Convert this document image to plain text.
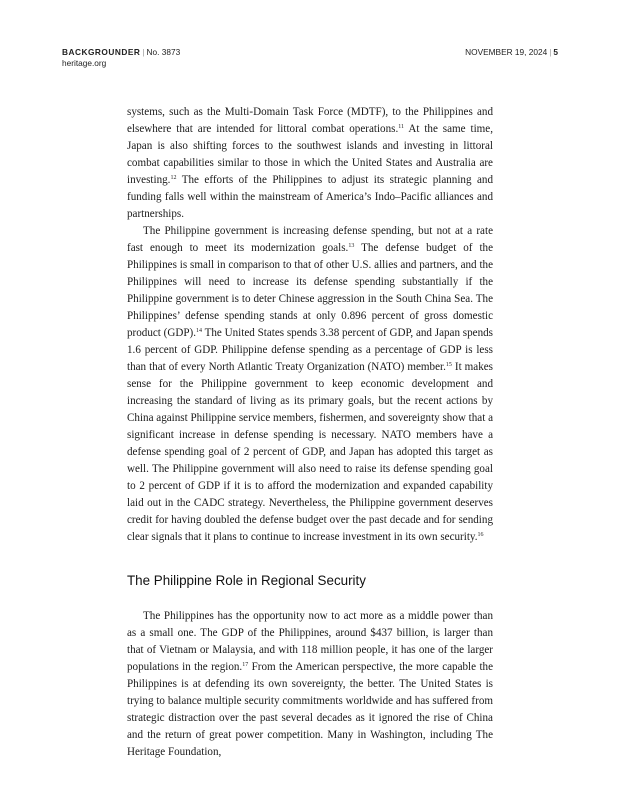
BACKGROUNDER | No. 3873
heritage.org
NOVEMBER 19, 2024 | 5

systems, such as the Multi-Domain Task Force (MDTF), to the Philippines and elsewhere that are intended for littoral combat operations.$^{11}$ At the same time, Japan is also shifting forces to the southwest islands and investing in littoral combat capabilities similar to those in which the United States and Australia are investing.$^{12}$ The efforts of the Philippines to adjust its strategic planning and funding falls well within the mainstream of America’s Indo–Pacific alliances and partnerships.

The Philippine government is increasing defense spending, but not at a rate fast enough to meet its modernization goals.$^{13}$ The defense budget of the Philippines is small in comparison to that of other U.S. allies and partners, and the Philippines will need to increase its defense spending substantially if the Philippine government is to deter Chinese aggression in the South China Sea. The Philippines’ defense spending stands at only 0.896 percent of gross domestic product (GDP).$^{14}$ The United States spends 3.38 percent of GDP, and Japan spends 1.6 percent of GDP. Philippine defense spending as a percentage of GDP is less than that of every North Atlantic Treaty Organization (NATO) member.$^{15}$ It makes sense for the Philippine government to keep economic development and increasing the standard of living as its primary goals, but the recent actions by China against Philippine service members, fishermen, and sovereignty show that a significant increase in defense spending is necessary. NATO members have a defense spending goal of 2 percent of GDP, and Japan has adopted this target as well. The Philippine government will also need to raise its defense spending goal to 2 percent of GDP if it is to afford the modernization and expanded capability laid out in the CADC strategy. Nevertheless, the Philippine government deserves credit for having doubled the defense budget over the past decade and for sending clear signals that it plans to continue to increase investment in its own security.$^{16}$

The Philippine Role in Regional Security

The Philippines has the opportunity now to act more as a middle power than as a small one. The GDP of the Philippines, around $437 billion, is larger than that of Vietnam or Malaysia, and with 118 million people, it has one of the larger populations in the region.$^{17}$ From the American perspective, the more capable the Philippines is at defending its own sovereignty, the better. The United States is trying to balance multiple security commitments worldwide and has suffered from strategic distraction over the past several decades as it ignored the rise of China and the return of great power competition. Many in Washington, including The Heritage Foundation,
